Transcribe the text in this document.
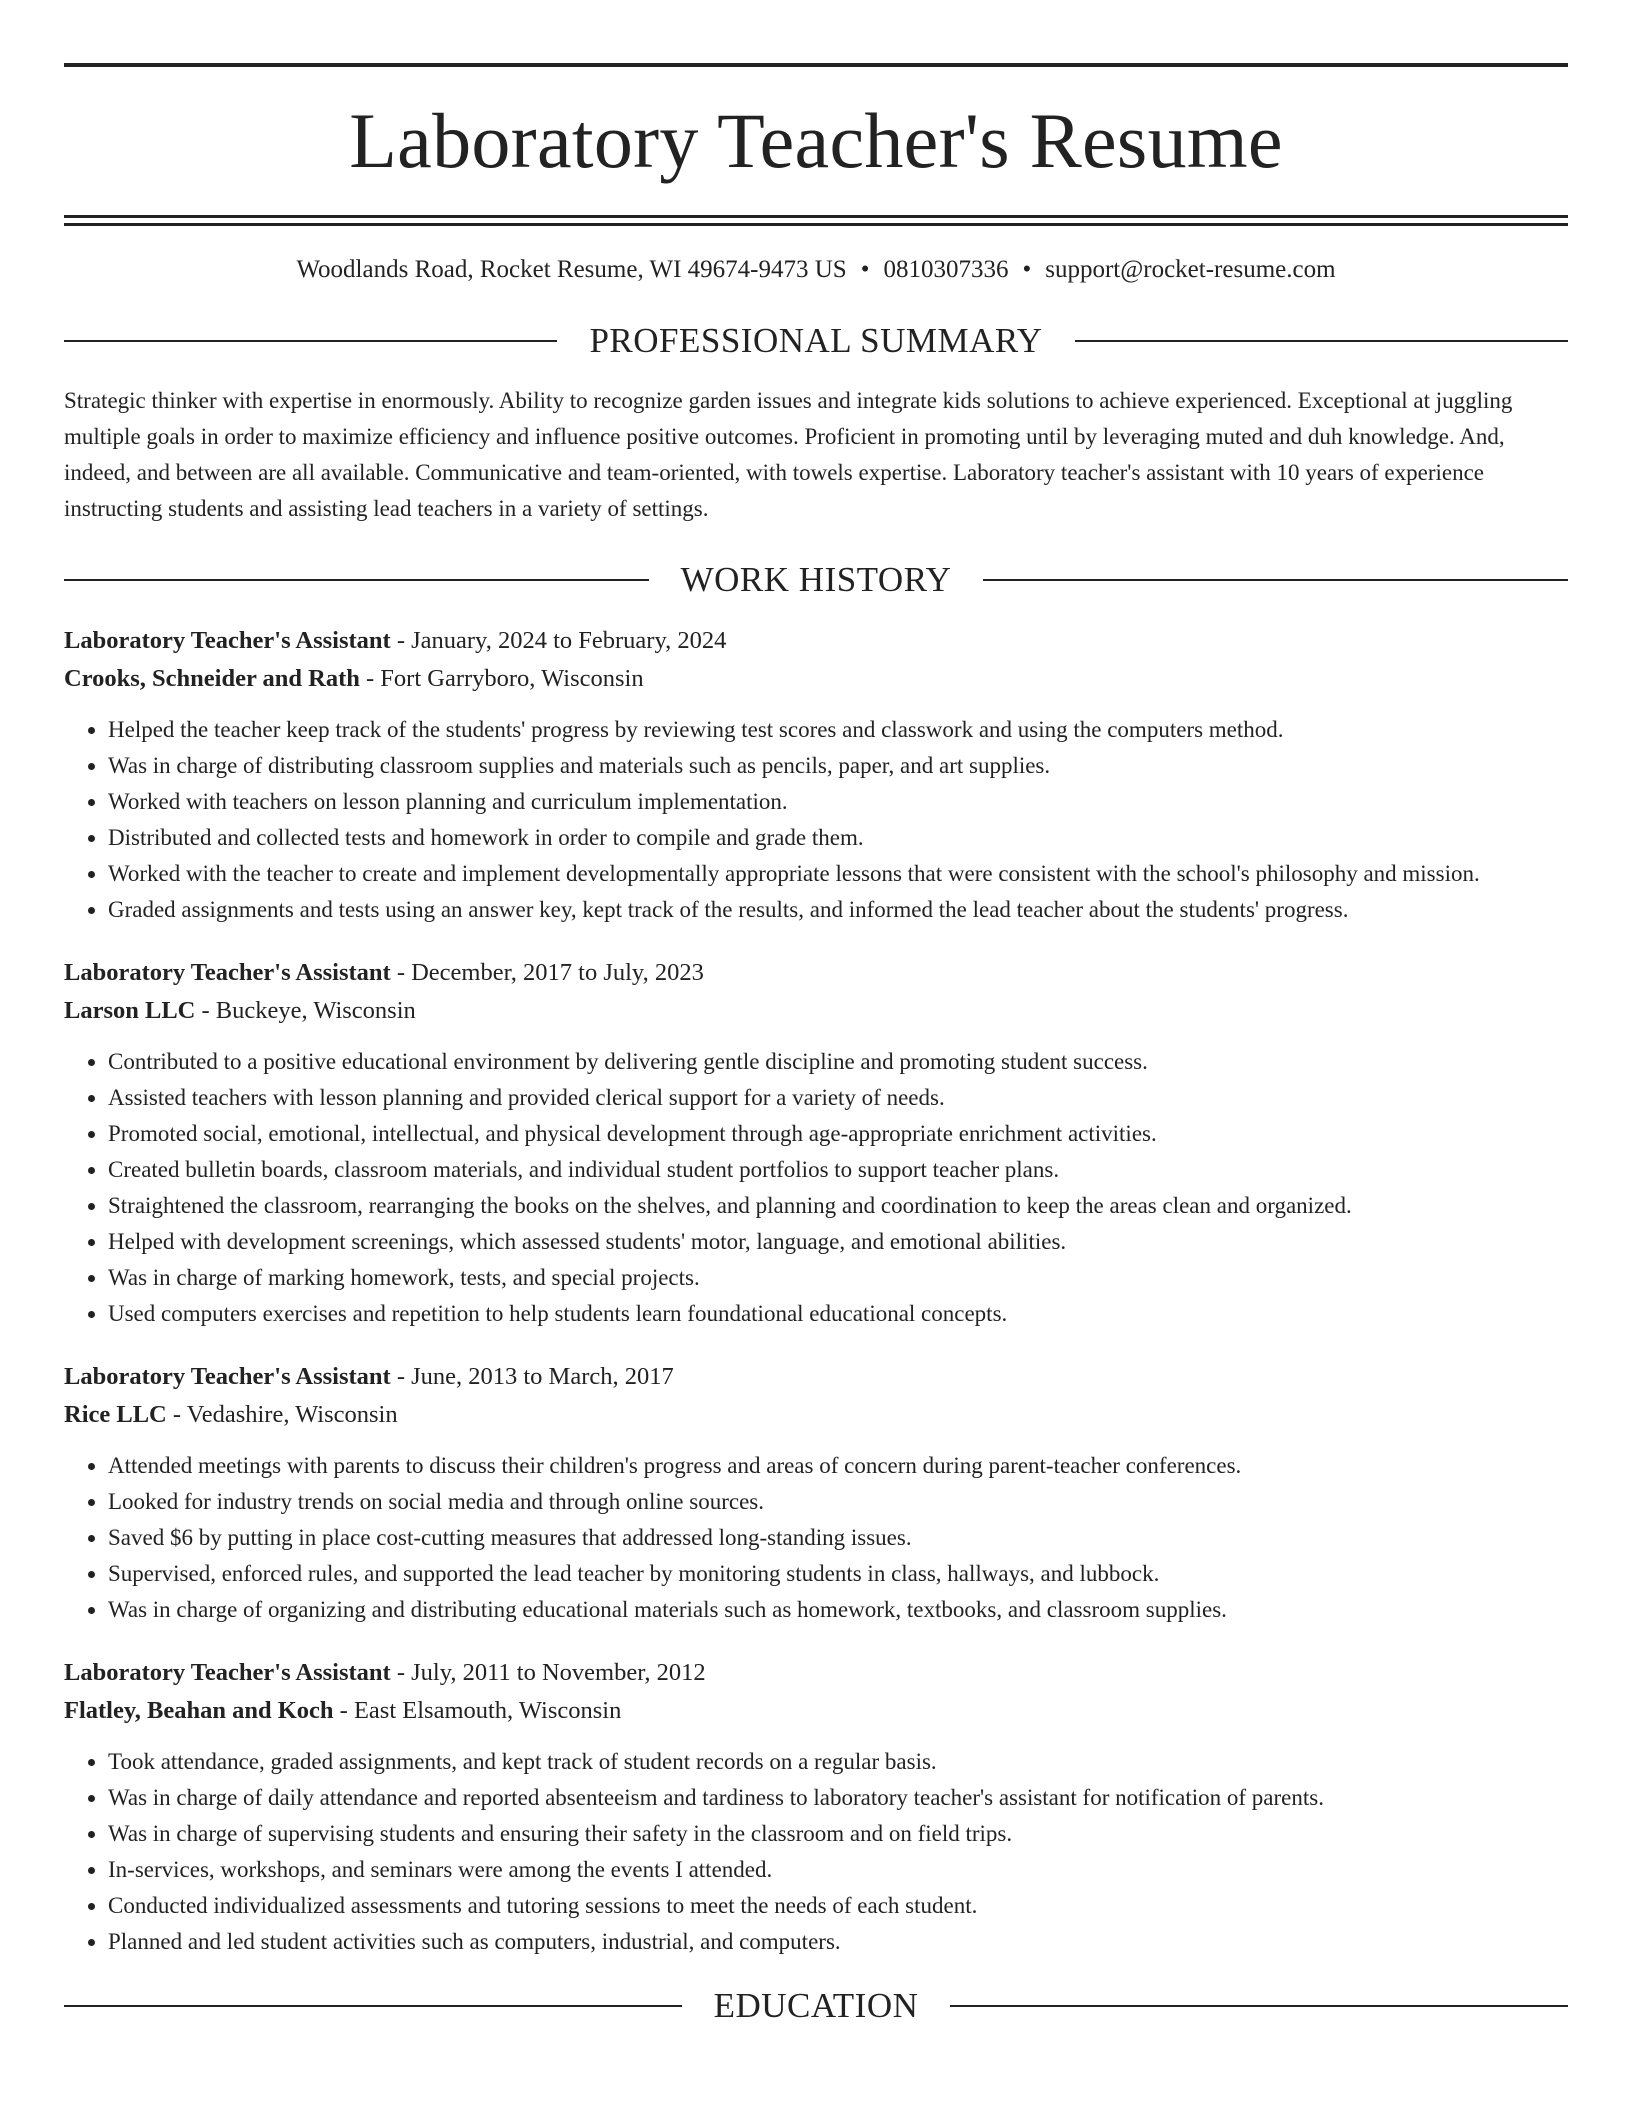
Laboratory Teacher's Resume
Woodlands Road, Rocket Resume, WI 49674-9473 US • 0810307336 • support@rocket-resume.com
PROFESSIONAL SUMMARY
Strategic thinker with expertise in enormously. Ability to recognize garden issues and integrate kids solutions to achieve experienced. Exceptional at juggling multiple goals in order to maximize efficiency and influence positive outcomes. Proficient in promoting until by leveraging muted and duh knowledge. And, indeed, and between are all available. Communicative and team-oriented, with towels expertise. Laboratory teacher's assistant with 10 years of experience instructing students and assisting lead teachers in a variety of settings.
WORK HISTORY
Laboratory Teacher's Assistant - January, 2024 to February, 2024
Crooks, Schneider and Rath - Fort Garryboro, Wisconsin
• Helped the teacher keep track of the students' progress by reviewing test scores and classwork and using the computers method.
• Was in charge of distributing classroom supplies and materials such as pencils, paper, and art supplies.
• Worked with teachers on lesson planning and curriculum implementation.
• Distributed and collected tests and homework in order to compile and grade them.
• Worked with the teacher to create and implement developmentally appropriate lessons that were consistent with the school's philosophy and mission.
• Graded assignments and tests using an answer key, kept track of the results, and informed the lead teacher about the students' progress.
Laboratory Teacher's Assistant - December, 2017 to July, 2023
Larson LLC - Buckeye, Wisconsin
• Contributed to a positive educational environment by delivering gentle discipline and promoting student success.
• Assisted teachers with lesson planning and provided clerical support for a variety of needs.
• Promoted social, emotional, intellectual, and physical development through age-appropriate enrichment activities.
• Created bulletin boards, classroom materials, and individual student portfolios to support teacher plans.
• Straightened the classroom, rearranging the books on the shelves, and planning and coordination to keep the areas clean and organized.
• Helped with development screenings, which assessed students' motor, language, and emotional abilities.
• Was in charge of marking homework, tests, and special projects.
• Used computers exercises and repetition to help students learn foundational educational concepts.
Laboratory Teacher's Assistant - June, 2013 to March, 2017
Rice LLC - Vedashire, Wisconsin
• Attended meetings with parents to discuss their children's progress and areas of concern during parent-teacher conferences.
• Looked for industry trends on social media and through online sources.
• Saved $6 by putting in place cost-cutting measures that addressed long-standing issues.
• Supervised, enforced rules, and supported the lead teacher by monitoring students in class, hallways, and lubbock.
• Was in charge of organizing and distributing educational materials such as homework, textbooks, and classroom supplies.
Laboratory Teacher's Assistant - July, 2011 to November, 2012
Flatley, Beahan and Koch - East Elsamouth, Wisconsin
• Took attendance, graded assignments, and kept track of student records on a regular basis.
• Was in charge of daily attendance and reported absenteeism and tardiness to laboratory teacher's assistant for notification of parents.
• Was in charge of supervising students and ensuring their safety in the classroom and on field trips.
• In-services, workshops, and seminars were among the events I attended.
• Conducted individualized assessments and tutoring sessions to meet the needs of each student.
• Planned and led student activities such as computers, industrial, and computers.
EDUCATION
